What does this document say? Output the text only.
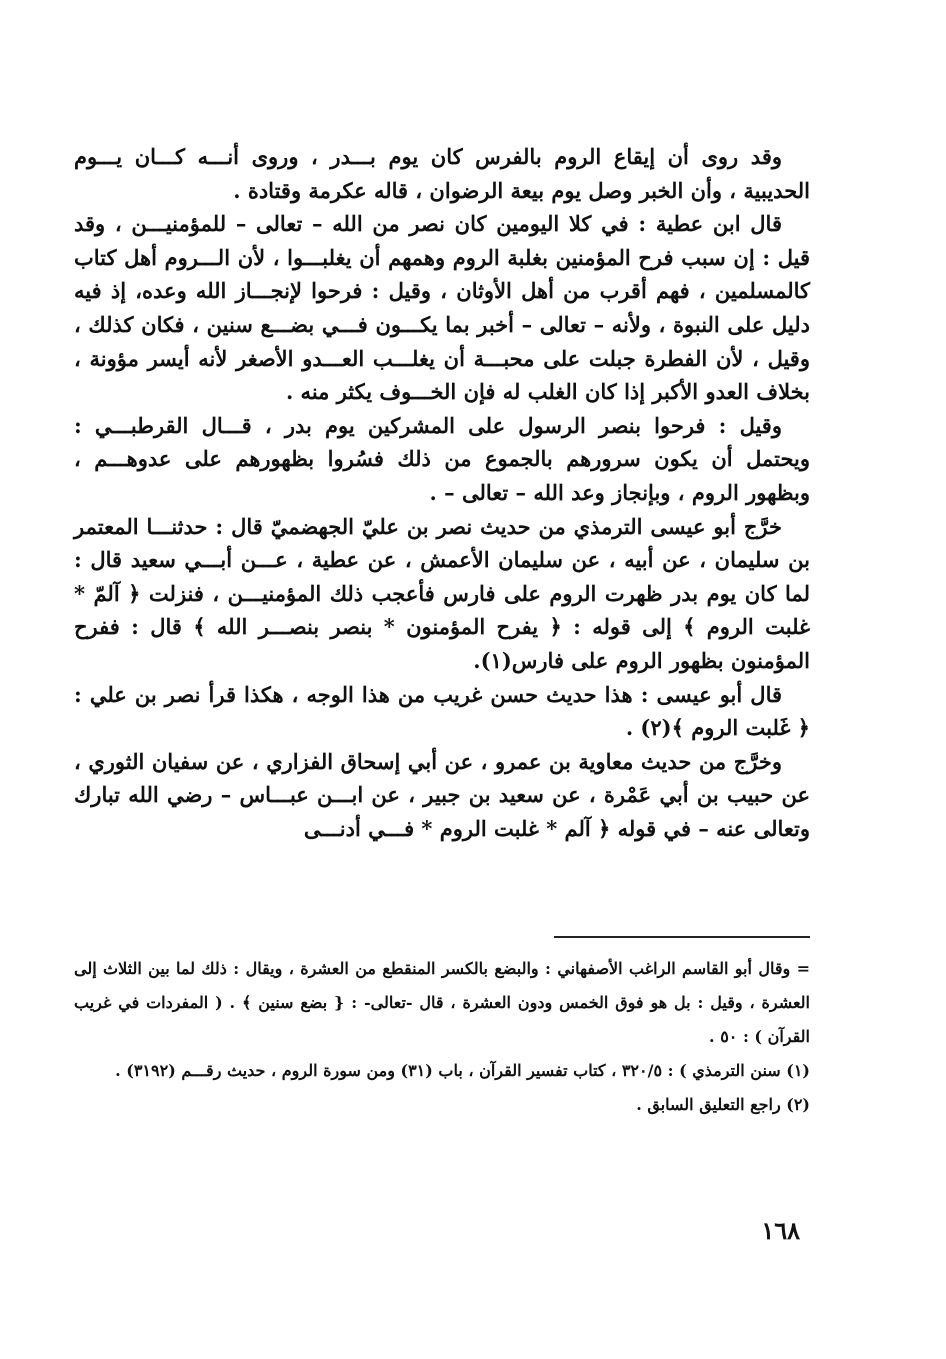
وقد روى أن إيقاع الروم بالفرس كان يوم بـــدر ، وروى أنـــه كـــان يـــوم الحديبية ، وأن الخبر وصل يوم بيعة الرضوان ، قاله عكرمة وقتادة .

قال ابن عطية : في كلا اليومين كان نصر من الله – تعالى – للمؤمنيـــن ، وقد قيل : إن سبب فرح المؤمنين بغلبة الروم وهمهم أن يغلبـــوا ، لأن الـــروم أهل كتاب كالمسلمين ، فهم أقرب من أهل الأوثان ، وقيل : فرحوا لإنجـــاز الله وعده، إذ فيه دليل على النبوة ، ولأنه – تعالى – أخبر بما يكـــون فـــي بضـــع سنين ، فكان كذلك ، وقيل ، لأن الفطرة جبلت على محبـــة أن يغلـــب العـــدو الأصغر لأنه أيسر مؤونة ، بخلاف العدو الأكبر إذا كان الغلب له فإن الخـــوف يكثر منه .

وقيل : فرحوا بنصر الرسول على المشركين يوم بدر ، قـــال القرطبـــي : ويحتمل أن يكون سرورهم بالجموع من ذلك فسُروا بظهورهم على عدوهـــم ، وبظهور الروم ، وبإنجاز وعد الله – تعالى – .

خرَّج أبو عيسى الترمذي من حديث نصر بن عليّ الجهضميّ قال : حدثنـــا المعتمر بن سليمان ، عن أبيه ، عن سليمان الأعمش ، عن عطية ، عـــن أبـــي سعيد قال : لما كان يوم بدر ظهرت الروم على فارس فأعجب ذلك المؤمنيـــن ، فنزلت ﴿ آلمّ * غلبت الروم ﴾ إلى قوله : ﴿ يفرح المؤمنون * بنصر بنصـــر الله ﴾ قال : ففرح المؤمنون بظهور الروم على فارس(١).

قال أبو عيسى : هذا حديث حسن غريب من هذا الوجه ، هكذا قرأ نصر بن علي : ﴿ غَلبت الروم ﴾(٢) .

وخرَّج من حديث معاوية بن عمرو ، عن أبي إسحاق الفزاري ، عن سفيان الثوري ، عن حبيب بن أبي عَمْرة ، عن سعيد بن جبير ، عن ابـــن عبـــاس – رضي الله تبارك وتعالى عنه – في قوله ﴿ آلم * غلبت الروم * فـــي أدنـــى

= وقال أبو القاسم الراغب الأصفهاني : والبضع بالكسر المنقطع من العشرة ، ويقال : ذلك لما بين الثلاث إلى العشرة ، وقيل : بل هو فوق الخمس ودون العشرة ، قال -تعالى- : { بضع سنين ﴾ . ( المفردات في غريب القرآن ) : ٥٠ .

(١) سنن الترمذي ) : ٣٢٠/٥ ، كتاب تفسير القرآن ، باب (٣١) ومن سورة الروم ، حديث رقـــم (٣١٩٢) .

(٢) راجع التعليق السابق .

١٦٨
